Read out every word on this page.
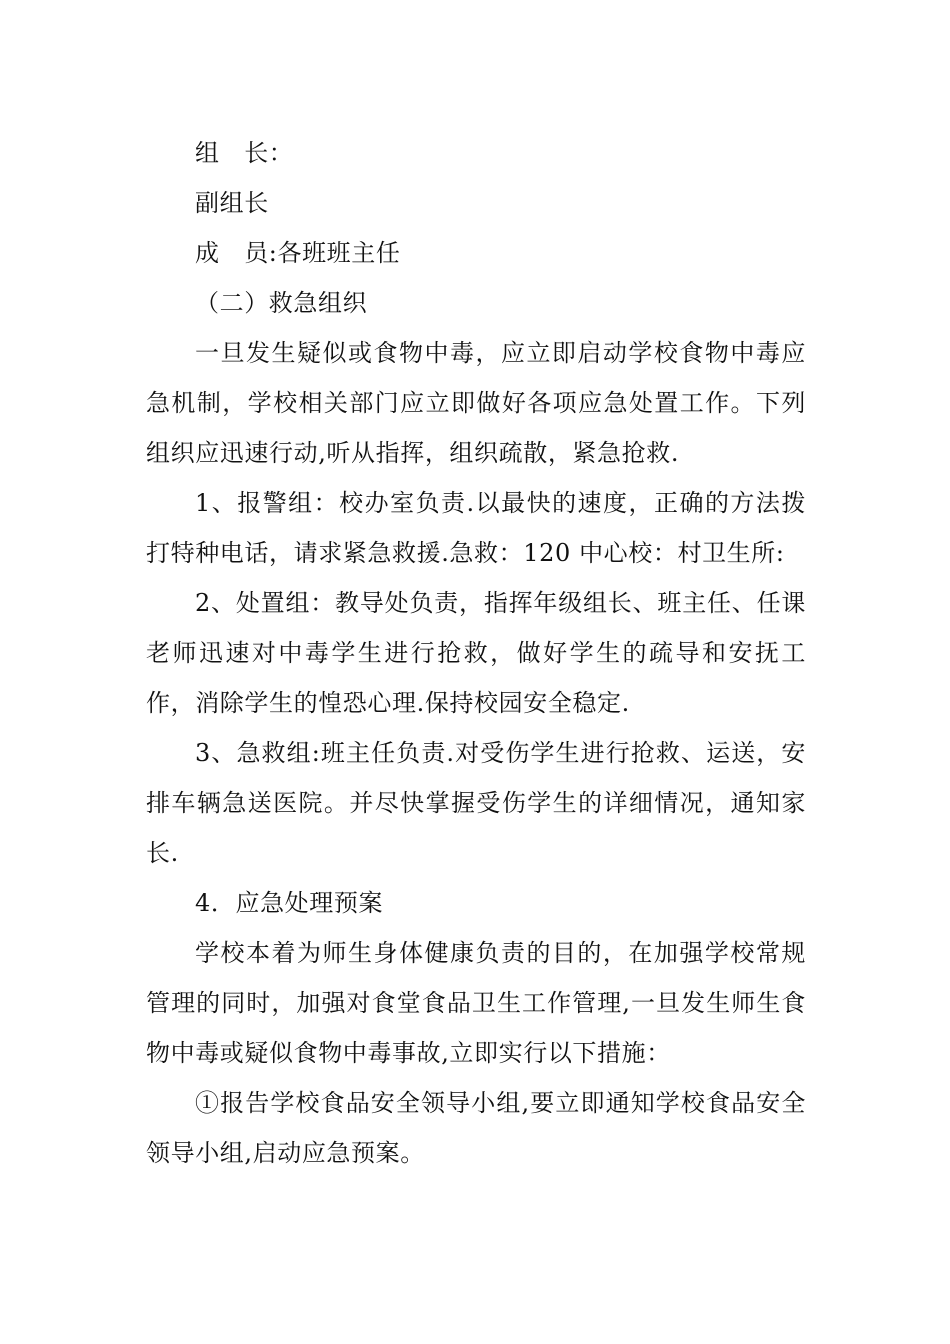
组　长：

副组长

成　员:各班班主任

（二）救急组织

一旦发生疑似或食物中毒，应立即启动学校食物中毒应急机制，学校相关部门应立即做好各项应急处置工作。下列组织应迅速行动,听从指挥，组织疏散，紧急抢救.

1、报警组：校办室负责.以最快的速度，正确的方法拨打特种电话，请求紧急救援.急救：120 中心校：村卫生所:

2、处置组：教导处负责，指挥年级组长、班主任、任课老师迅速对中毒学生进行抢救，做好学生的疏导和安抚工作，消除学生的惶恐心理.保持校园安全稳定.

3、急救组:班主任负责.对受伤学生进行抢救、运送，安排车辆急送医院。并尽快掌握受伤学生的详细情况，通知家长.

4．应急处理预案

学校本着为师生身体健康负责的目的，在加强学校常规管理的同时，加强对食堂食品卫生工作管理,一旦发生师生食物中毒或疑似食物中毒事故,立即实行以下措施：

①报告学校食品安全领导小组,要立即通知学校食品安全领导小组,启动应急预案。
